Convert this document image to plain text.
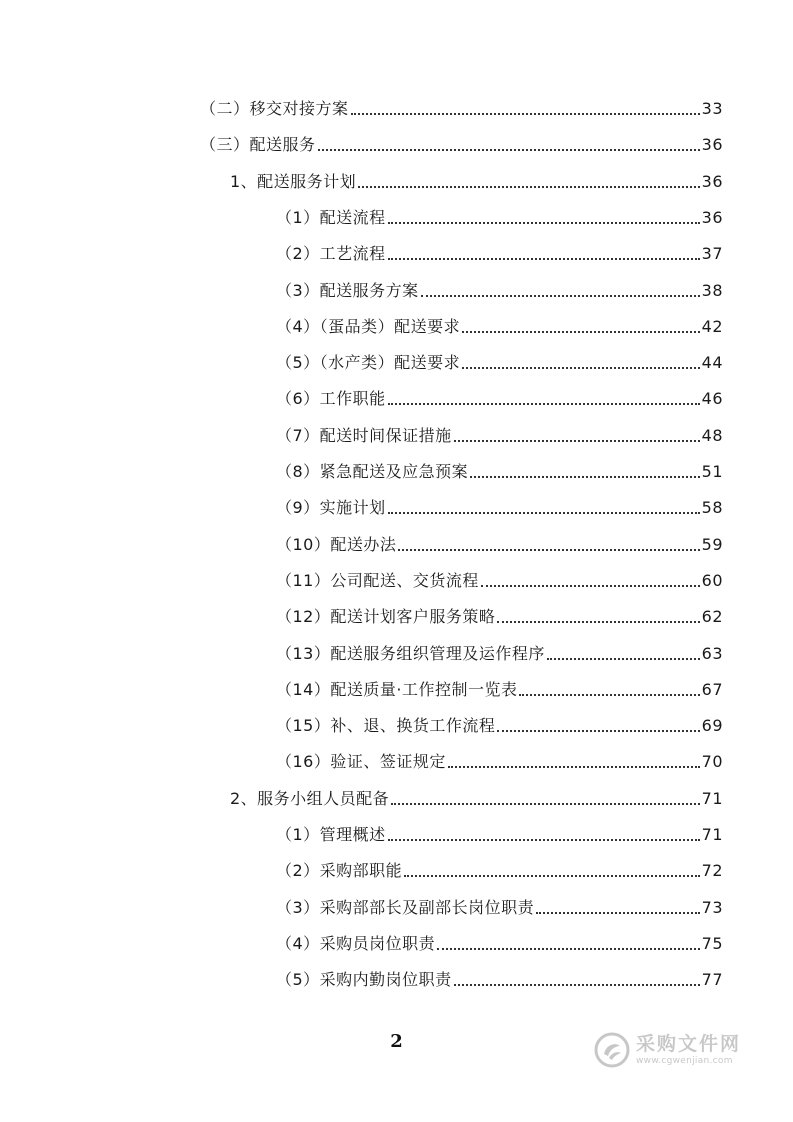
（二）移交对接方案	33
（三）配送服务	36
1、配送服务计划	36
（1）配送流程	36
（2）工艺流程	37
（3）配送服务方案	38
（4）（蛋品类）配送要求	42
（5）（水产类）配送要求	44
（6）工作职能	46
（7）配送时间保证措施	48
（8）紧急配送及应急预案	51
（9）实施计划	58
（10）配送办法	59
（11）公司配送、交货流程	60
（12）配送计划客户服务策略	62
（13）配送服务组织管理及运作程序	63
（14）配送质量·工作控制一览表	67
（15）补、退、换货工作流程	69
（16）验证、签证规定	70
2、服务小组人员配备	71
（1）管理概述	71
（2）采购部职能	72
（3）采购部部长及副部长岗位职责	73
（4）采购员岗位职责	75
（5）采购内勤岗位职责	77
2	采购文件网
www.cgwenjian.com
